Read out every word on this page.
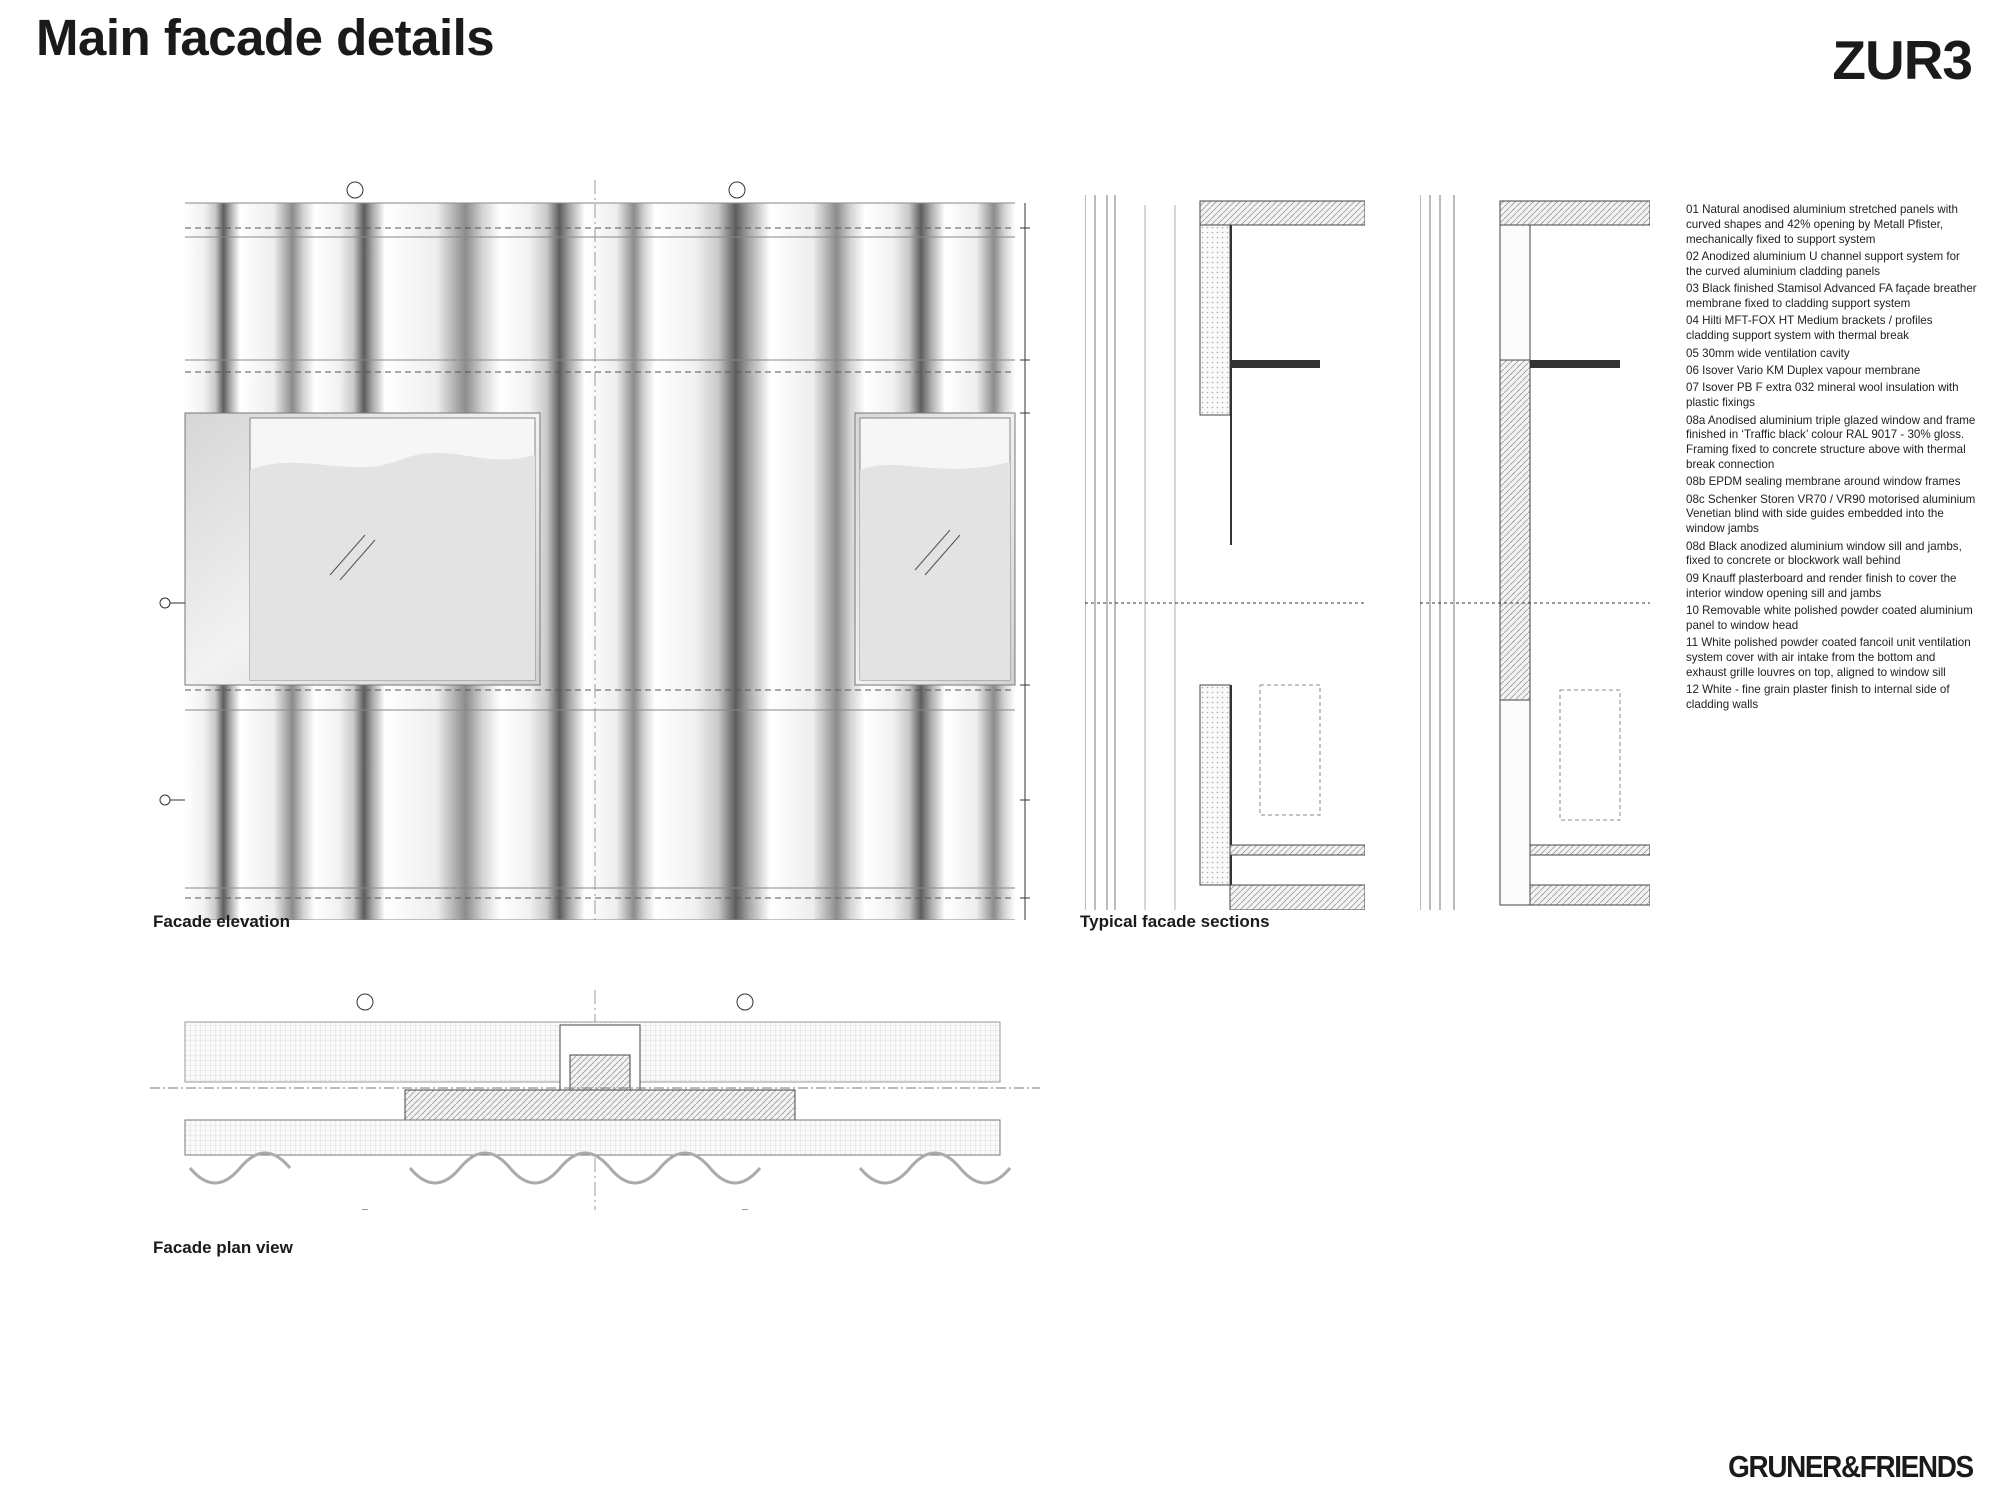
Main facade details	ZUR3
Facade elevation	Typical facade sections
Facade plan view

01 Natural anodised aluminium stretched panels with curved shapes and 42% opening by Metall Pfister, mechanically fixed to support system

02 Anodized aluminium U channel support system for the curved aluminium cladding panels

03 Black finished Stamisol Advanced FA façade breather membrane fixed to cladding support system

04 Hilti MFT-FOX HT Medium brackets / profiles cladding support system with thermal break

05 30mm wide ventilation cavity

06 Isover Vario KM Duplex vapour membrane

07 Isover PB F extra 032 mineral wool insulation with plastic fixings

08a Anodised aluminium triple glazed window and frame finished in ‘Traffic black’ colour RAL 9017 - 30% gloss. Framing fixed to concrete structure above with thermal break connection

08b EPDM sealing membrane around window frames

08c Schenker Storen VR70 / VR90 motorised aluminium Venetian blind with side guides embedded into the window jambs

08d Black anodized aluminium window sill and jambs, fixed to concrete or blockwork wall behind

09 Knauff plasterboard and render finish to cover the interior window opening sill and jambs

10 Removable white polished powder coated aluminium panel to window head

11 White polished powder coated fancoil unit ventilation system cover with air intake from the bottom and exhaust grille louvres on top, aligned to window sill

12 White - fine grain plaster finish to internal side of cladding walls

GRUNER&FRIENDS
